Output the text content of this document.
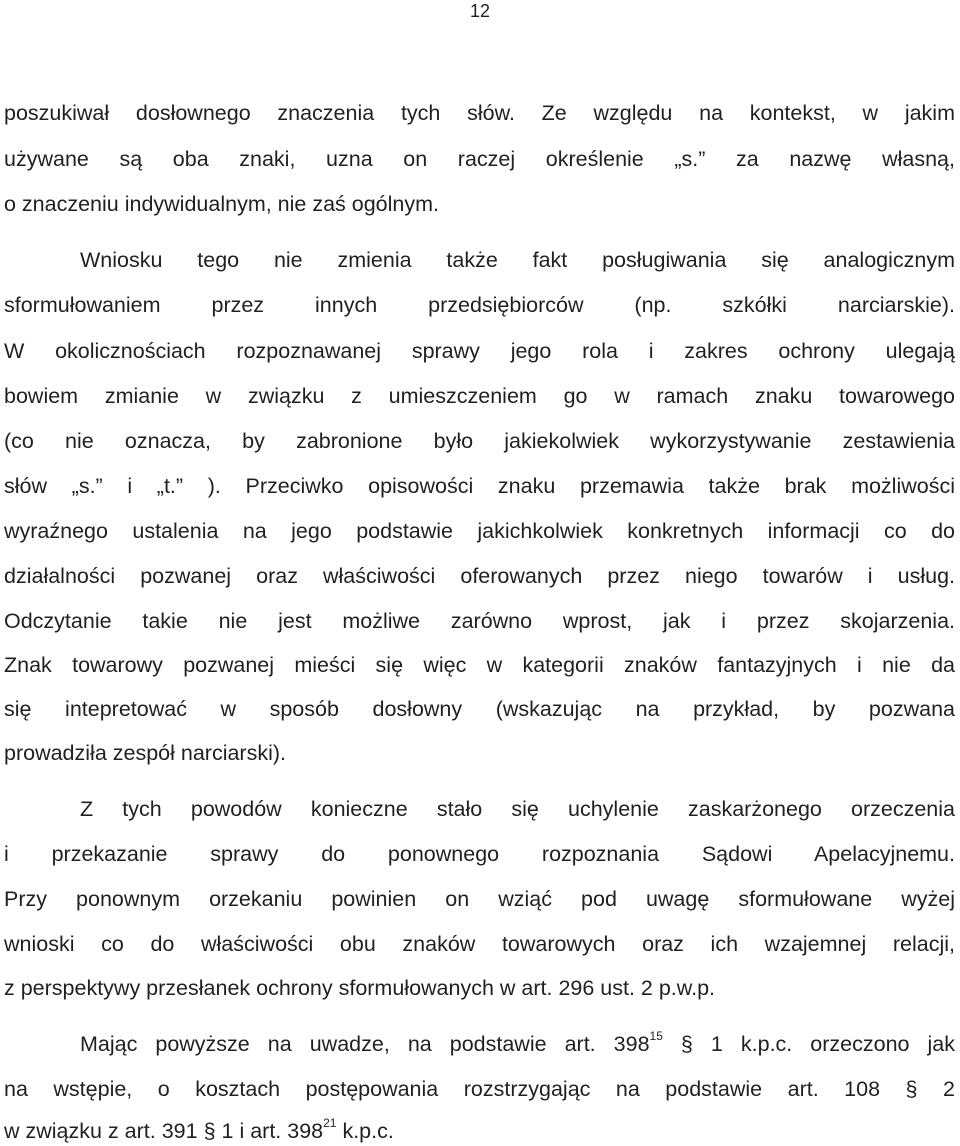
12
poszukiwał dosłownego znaczenia tych słów. Ze względu na kontekst, w jakim
używane są oba znaki, uzna on raczej określenie „s.” za nazwę własną,
o znaczeniu indywidualnym, nie zaś ogólnym.
Wniosku tego nie zmienia także fakt posługiwania się analogicznym
sformułowaniem przez innych przedsiębiorców (np. szkółki narciarskie).
W okolicznościach rozpoznawanej sprawy jego rola i zakres ochrony ulegają
bowiem zmianie w związku z umieszczeniem go w ramach znaku towarowego
(co nie oznacza, by zabronione było jakiekolwiek wykorzystywanie zestawienia
słów „s.” i „t.” ). Przeciwko opisowości znaku przemawia także brak możliwości
wyraźnego ustalenia na jego podstawie jakichkolwiek konkretnych informacji co do
działalności pozwanej oraz właściwości oferowanych przez niego towarów i usług.
Odczytanie takie nie jest możliwe zarówno wprost, jak i przez skojarzenia.
Znak towarowy pozwanej mieści się więc w kategorii znaków fantazyjnych i nie da
się intepretować w sposób dosłowny (wskazując na przykład, by pozwana
prowadziła zespół narciarski).
Z tych powodów konieczne stało się uchylenie zaskarżonego orzeczenia
i przekazanie sprawy do ponownego rozpoznania Sądowi Apelacyjnemu.
Przy ponownym orzekaniu powinien on wziąć pod uwagę sformułowane wyżej
wnioski co do właściwości obu znaków towarowych oraz ich wzajemnej relacji,
z perspektywy przesłanek ochrony sformułowanych w art. 296 ust. 2 p.w.p.
Mając powyższe na uwadze, na podstawie art. $398^{15}$ § 1 k.p.c. orzeczono jak
na wstępie, o kosztach postępowania rozstrzygając na podstawie art. 108 § 2
w związku z art. 391 § 1 i art. $398^{21}$ k.p.c.
